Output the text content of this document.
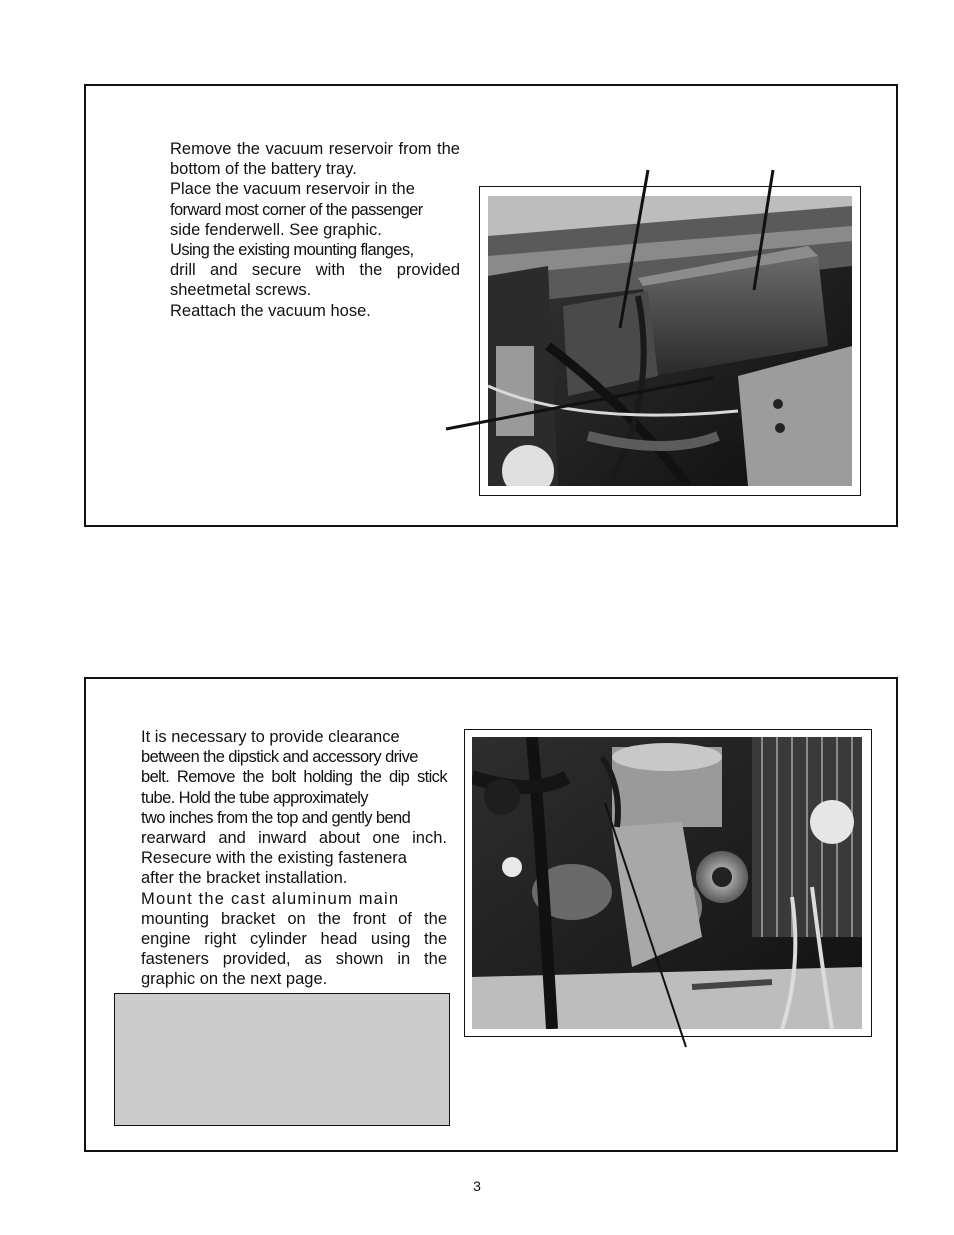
Remove the vacuum reservoir from the bottom of the battery tray.

Place the vacuum reservoir in the

forward most corner of the passenger

side fenderwell. See graphic.

Using the existing mounting flanges,

drill and secure with the provided sheetmetal screws.

Reattach the vacuum hose.

It is necessary to provide clearance

between the dipstick and accessory drive

belt. Remove the bolt holding the dip stick tube. Hold the tube approximately

two inches from the top and gently bend

rearward and inward about one inch. Resecure with the existing fastenera

after the bracket installation.

Mount the cast aluminum main

mounting bracket on the front of the engine right cylinder head using the fasteners provided, as shown in the graphic on the next page.

3
